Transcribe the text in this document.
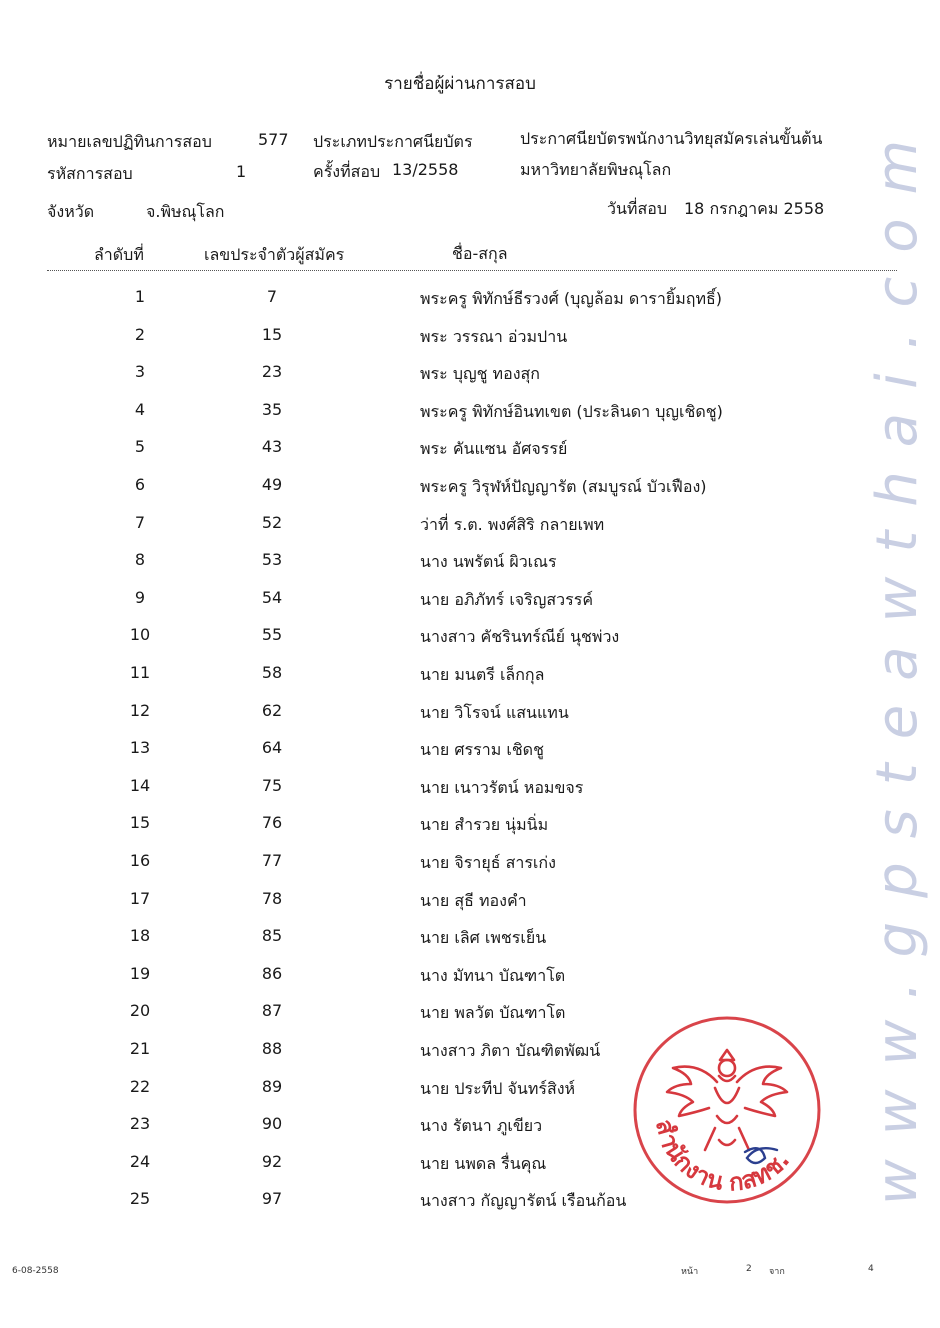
รายชื่อผู้ผ่านการสอบ
หมายเลขปฏิทินการสอบ	577 ประเภทประกาศนียบัตร	ประกาศนียบัตรพนักงานวิทยุสมัครเล่นขั้นต้น
รหัสการสอบ	1	ครั้งที่สอบ 13/2558	มหาวิทยาลัยพิษณุโลก
จังหวัด	จ.พิษณุโลก	วันที่สอบ 18 กรกฎาคม 2558
ลำดับที่	เลขประจำตัวผู้สมัคร	ชื่อ-สกุล
1	7	พระครู พิทักษ์ธีรวงศ์ (บุญล้อม ดารายิ้มฤทธิ์)
2	15	พระ วรรณา อ่วมปาน
3	23	พระ บุญชู ทองสุก
4	35	พระครู พิทักษ์อินทเขต (ประลินดา บุญเชิดชู)
5	43	พระ คันแซน อัศจรรย์
6	49	พระครู วิรุฬห์ปัญญารัต (สมบูรณ์ บัวเฟือง)
7	52	ว่าที่ ร.ต. พงศ์สิริ กลายเพท
8	53	นาง นพรัตน์ ผิวเณร
9	54	นาย อภิภัทร์ เจริญสวรรค์
10	55	นางสาว คัชรินทร์ณีย์ นุชพ่วง
11	58	นาย มนตรี เล็กกุล
12	62	นาย วิโรจน์ แสนแทน
13	64	นาย ศรราม เชิดชู
14	75	นาย เนาวรัตน์ หอมขจร
15	76	นาย สำรวย นุ่มนิ่ม
16	77	นาย จิรายุธ์ สารเก่ง
17	78	นาย สุธี ทองคำ
18	85	นาย เลิศ เพชรเย็น
19	86	นาง มัทนา บัณฑาโต
20	87	นาย พลวัต บัณฑาโต
21	88	นางสาว ภิตา บัณฑิตพัฒน์
22	89	นาย ประทีป จันทร์สิงห์
23	90	นาง รัตนา ภูเขียว
24	92	นาย นพดล รื่นคุณ
25	97	นางสาว กัญญารัตน์ เรือนก้อน
สำนักงาน กสทช. www.gpsteawthai.com
6-08-2558	หน้า	2 จาก	4
